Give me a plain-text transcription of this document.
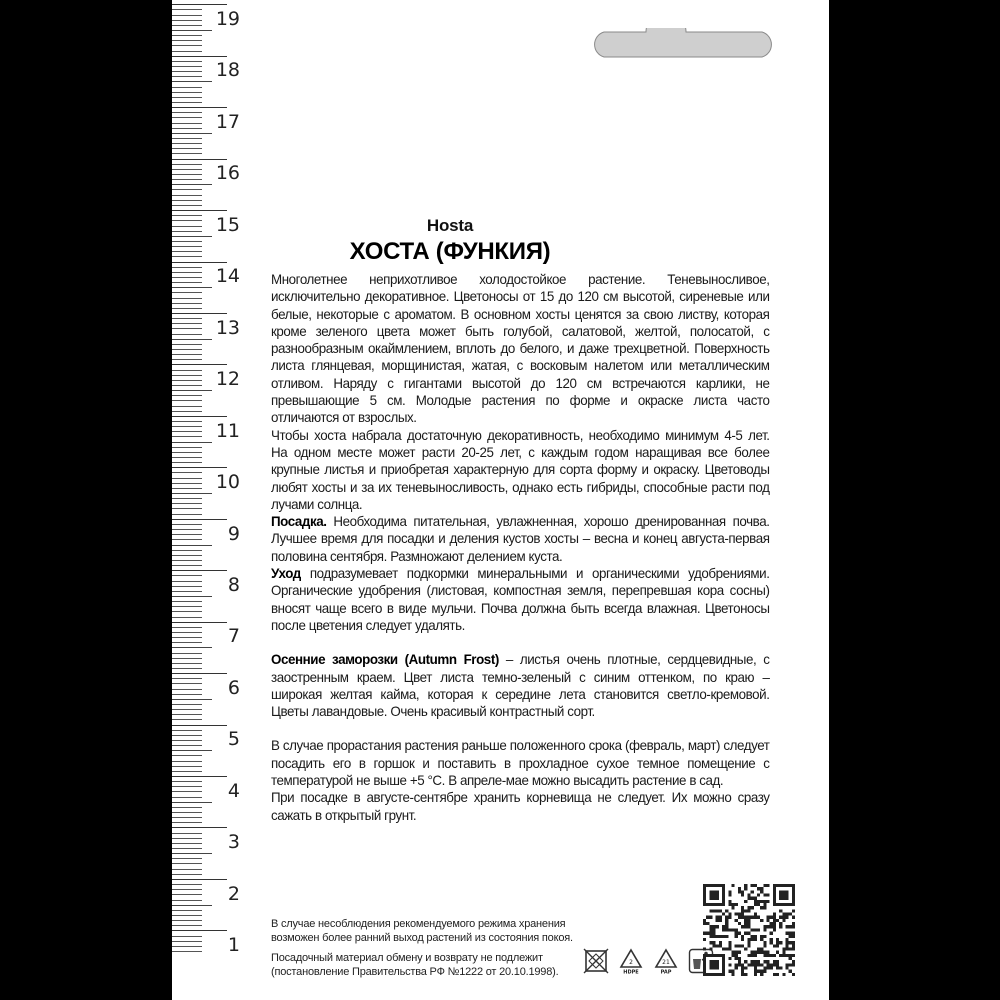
19
18
17
16
15
14
13
12
11
10
9
8
7
6
5
4
3
2
1
Hosta
ХОСТА (ФУНКИЯ)

Многолетнее неприхотливое холодостойкое растение. Теневыносливое, исключительно декоративное. Цветоносы от 15 до 120 см высотой, сиреневые или белые, некоторые с ароматом. В основном хосты ценятся за свою листву, которая кроме зеленого цвета может быть голубой, салатовой, желтой, полосатой, с разнообразным окаймлением, вплоть до белого, и даже трехцветной. Поверхность листа глянцевая, морщинистая, жатая, с восковым налетом или металлическим отливом. Наряду с гигантами высотой до 120 см встречаются карлики, не превышающие 5 см. Молодые растения по форме и окраске листа часто отличаются от взрослых.

Чтобы хоста набрала достаточную декоративность, необходимо минимум 4-5 лет. На одном месте может расти 20-25 лет, с каждым годом наращивая все более крупные листья и приобретая характерную для сорта форму и окраску. Цветоводы любят хосты и за их теневыносливость, однако есть гибриды, способные расти под лучами солнца.

Посадка. Необходима питательная, увлажненная, хорошо дренированная почва. Лучшее время для посадки и деления кустов хосты – весна и конец августа-первая половина сентября. Размножают делением куста.

Уход подразумевает подкормки минеральными и органическими удобрениями. Органические удобрения (листовая, компостная земля, перепревшая кора сосны) вносят чаще всего в виде мульчи. Почва должна быть всегда влажная. Цветоносы после цветения следует удалять.

Осенние заморозки (Autumn Frost) – листья очень плотные, сердцевидные, с заостренным краем. Цвет листа темно-зеленый с синим оттенком, по краю – широкая желтая кайма, которая к середине лета становится светло-кремовой. Цветы лавандовые. Очень красивый контрастный сорт.

В случае прорастания растения раньше положенного срока (февраль, март) следует посадить его в горшок и поставить в прохладное сухое темное помещение с температурой не выше +5 °С. В апреле-мае можно высадить растение в сад.

При посадке в августе-сентябре хранить корневища не следует. Их можно сразу сажать в открытый грунт.

В случае несоблюдения рекомендуемого режима хранения
возможен более ранний выход растений из состояния покоя.

Посадочный материал обмену и возврату не подлежит
(постановление Правительства РФ №1222 от 20.10.1998).

2
HDPE
21
PAP
